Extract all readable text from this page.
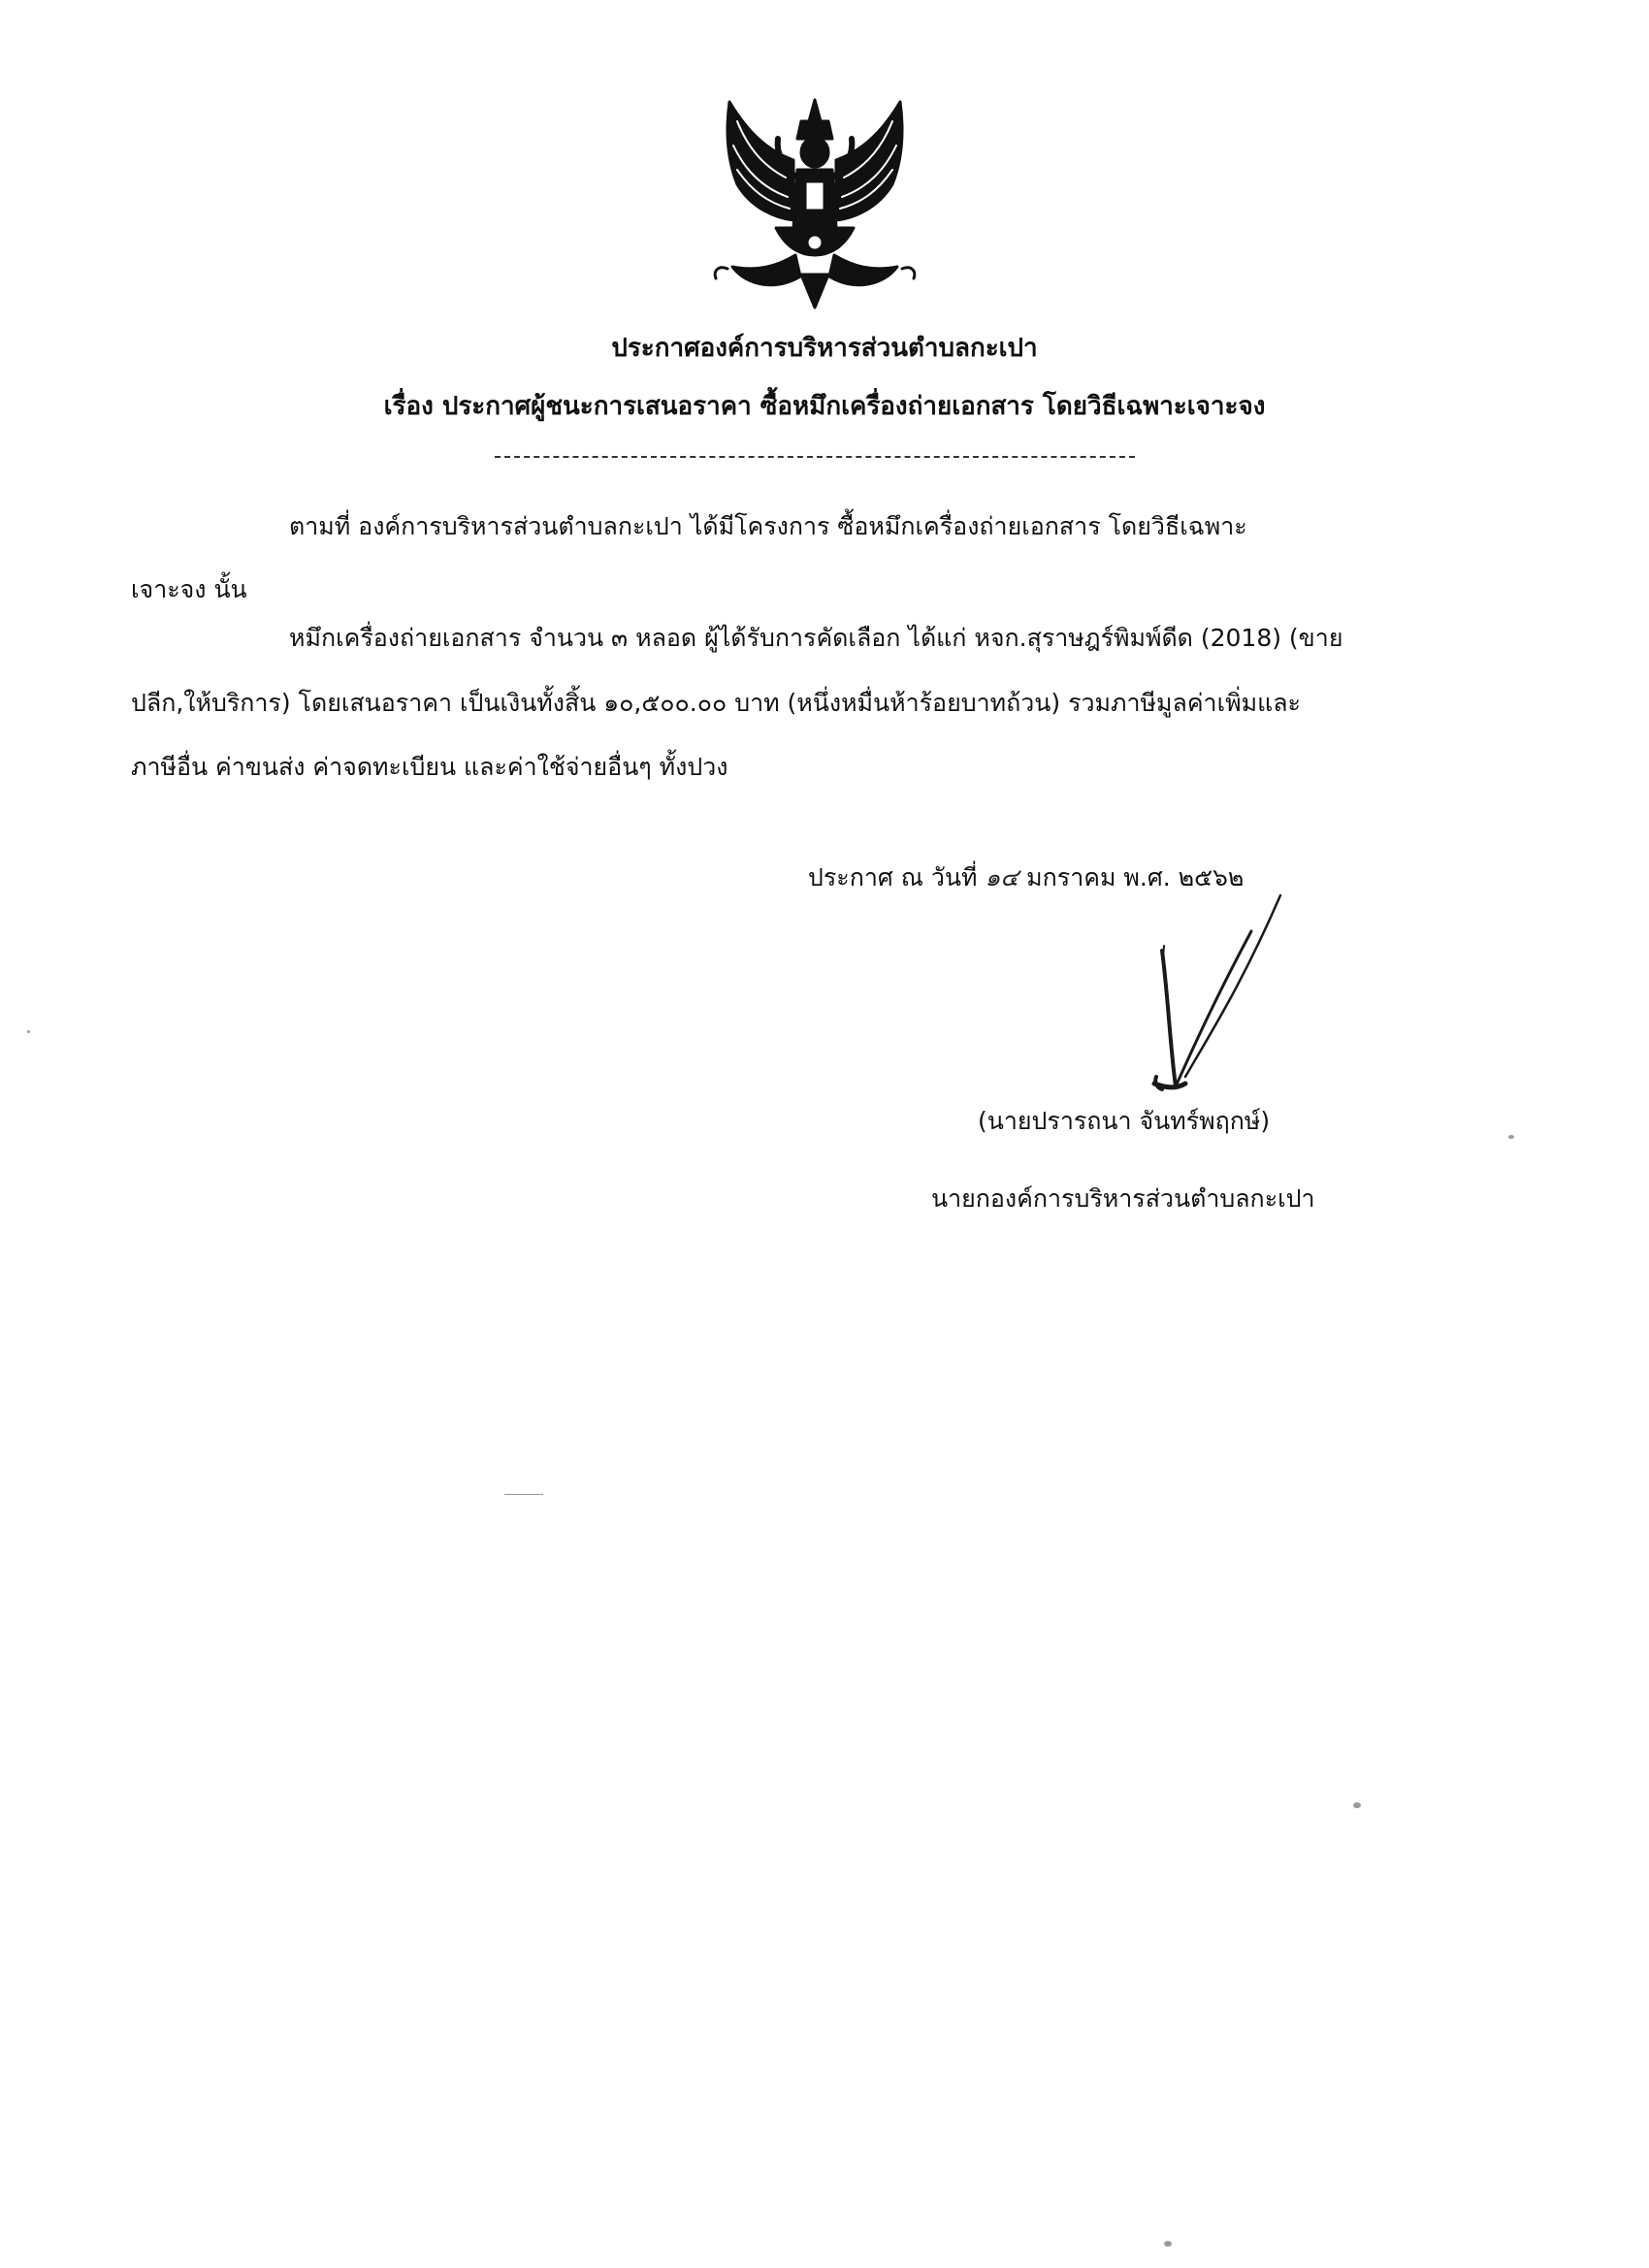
ประกาศองค์การบริหารส่วนตำบลกะเปา
เรื่อง ประกาศผู้ชนะการเสนอราคา ซื้อหมึกเครื่องถ่ายเอกสาร โดยวิธีเฉพาะเจาะจง
ตามที่ องค์การบริหารส่วนตำบลกะเปา ได้มีโครงการ ซื้อหมึกเครื่องถ่ายเอกสาร โดยวิธีเฉพาะ
เจาะจง นั้น
หมึกเครื่องถ่ายเอกสาร จำนวน ๓ หลอด ผู้ได้รับการคัดเลือก ได้แก่ หจก.สุราษฎร์พิมพ์ดีด (2018) (ขาย
ปลีก,ให้บริการ) โดยเสนอราคา เป็นเงินทั้งสิ้น ๑๐,๕๐๐.๐๐ บาท (หนึ่งหมื่นห้าร้อยบาทถ้วน) รวมภาษีมูลค่าเพิ่มและ
ภาษีอื่น ค่าขนส่ง ค่าจดทะเบียน และค่าใช้จ่ายอื่นๆ ทั้งปวง
ประกาศ ณ วันที่ ๑๔ มกราคม พ.ศ. ๒๕๖๒
(นายปรารถนา จันทร์พฤกษ์)
นายกองค์การบริหารส่วนตำบลกะเปา
